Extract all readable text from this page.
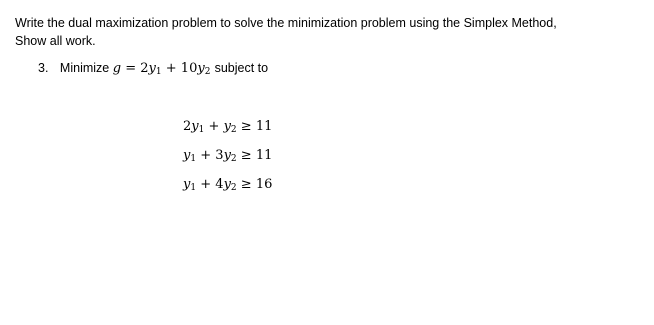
Write the dual maximization problem to solve the minimization problem using the Simplex Method,
Show all work.
3. Minimize $g = 2y_1 + 10y_2$ subject to
$2y_1 + y_2 \ge 11$
$y_1 + 3y_2 \ge 11$
$y_1 + 4y_2 \ge 16$
